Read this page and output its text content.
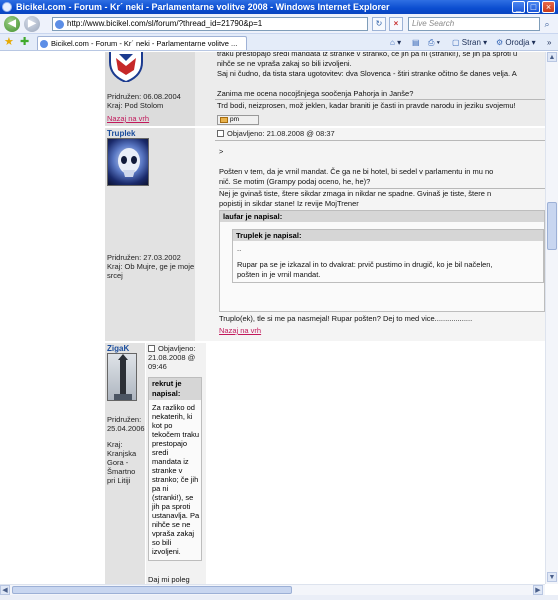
Bicikel.com - Forum - Kr´ neki - Parlamentarne volitve 2008 - Windows Internet Explorer	_	□	×
◀	▶	http://www.bicikel.com/sl/forum/?thread_id=21790&p=1	↻	×	Live Search	⌕
★ ✚	Bicikel.com - Forum - Kr´ neki - Parlamentarne volitve ...	⌂ ▾ ▤ ⎙ ▾ ▢ Stran ▾ ⚙ Orodja ▾ »
Pridružen: 06.08.2004
Kraj: Pod Stolom
Nazaj na vrh
traku prestopajo sredi mandata iz stranke v stranko, če jih pa ni (stranki!), se jih pa sproti u
nihče se ne vpraša zakaj so bili izvoljeni.
Saj ni čudno, da tista stara ugotovitev: dva Slovenca - štiri stranke očitno še danes velja. A
Zanima me ocena nocojšnjega soočenja Pahorja in Janše?
Trd bodi, neizprosen, mož jeklen, kadar braniti je časti in pravde narodu in jeziku svojemu!
pm
Truplek
Pridružen: 27.03.2002
Kraj: Ob Mujre, ge je moje srcej
Objavljeno: 21.08.2008 @ 08:37
>
Pošten v tem, da je vrnil mandat. Če ga ne bi hotel, bi sedel v parlamentu in mu no
nič. Se motim (Grampy podaj oceno, he, he)?
Nej je gvinaš tiste, štere sikdar zmaga in nikdar ne spadne. Gvinaš je tiste, štere n
popistij in sikdar stane! Iz revije MojTrener
laufar je napisal:
Truplek je napisal:
..
Rupar pa se je izkazal in to dvakrat: prvič pustimo in drugič, ko je bil načelen,
pošten in je vrnil mandat.
Truplo(ek), tle si me pa nasmejal! Rupar pošten? Dej to med vice..................
Nazaj na vrh
ZigaK
Pridružen:
25.04.2006
Kraj:
Kranjska
Gora -
Šmartno
pri Litiji
Objavljeno:
21.08.2008 @
09:46
rekrut je
napisal:
Za razliko od
nekaterih, ki
kot po
tekočem traku
prestopajo
sredi
mandata iz
stranke v
stranko; če jih
pa ni
(stranki!), se
jih pa sproti
ustanavlja. Pa
nihče se ne
vpraša zakaj
so bili
izvoljeni.
Daj mi poleg
▲
▼
◀	▶
